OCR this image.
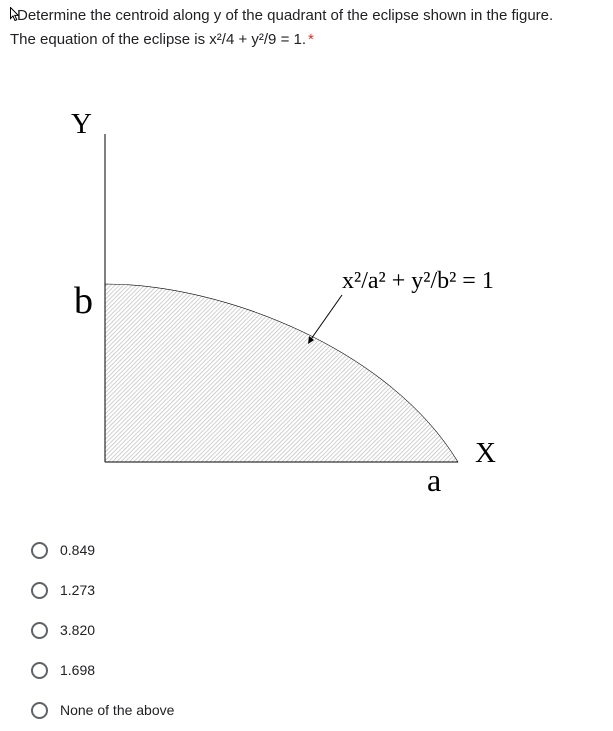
Determine the centroid along y of the quadrant of the eclipse shown in the figure. The equation of the eclipse is x²/4 + y²/9 = 1. *
Y
b	x²/a² + y²/b² = 1
X
a
0.849
1.273
3.820
1.698
None of the above
